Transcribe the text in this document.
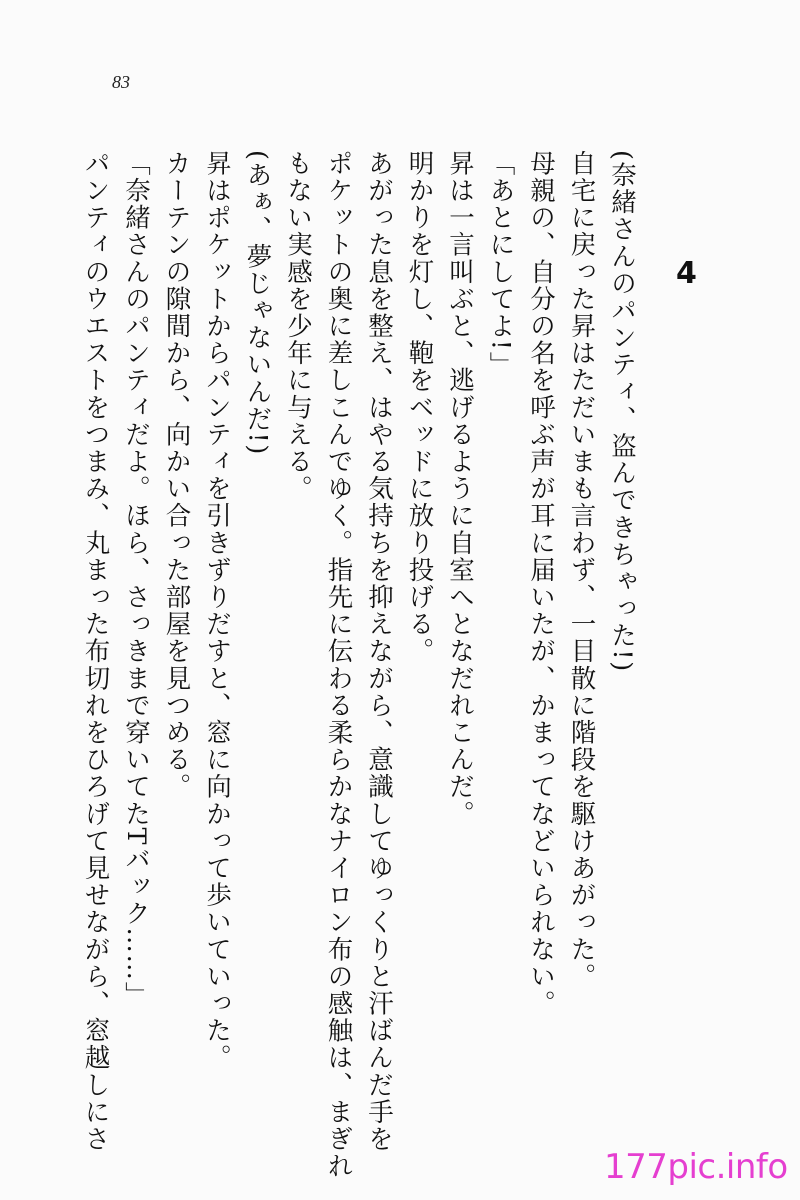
83
4
(奈緒さんのパンティ、盗んできちゃった!)
自宅に戻った昇はただいまも言わず、一目散に階段を駆けあがった。
母親の、自分の名を呼ぶ声が耳に届いたが、かまってなどいられない。
「あとにしてよ!」
昇は一言叫ぶと、逃げるように自室へとなだれこんだ。
明かりを灯し、鞄をベッドに放り投げる。
あがった息を整え、はやる気持ちを抑えながら、意識してゆっくりと汗ばんだ手を
ポケットの奥に差しこんでゆく。指先に伝わる柔らかなナイロン布の感触は、まぎれ
もない実感を少年に与える。
(あぁ、夢じゃないんだ!)
昇はポケットからパンティを引きずりだすと、窓に向かって歩いていった。
カーテンの隙間から、向かい合った部屋を見つめる。
「奈緒さんのパンティだよ。ほら、さっきまで穿いてたTバック……」
パンティのウエストをつまみ、丸まった布切れをひろげて見せながら、窓越しにさ
177pic.info
